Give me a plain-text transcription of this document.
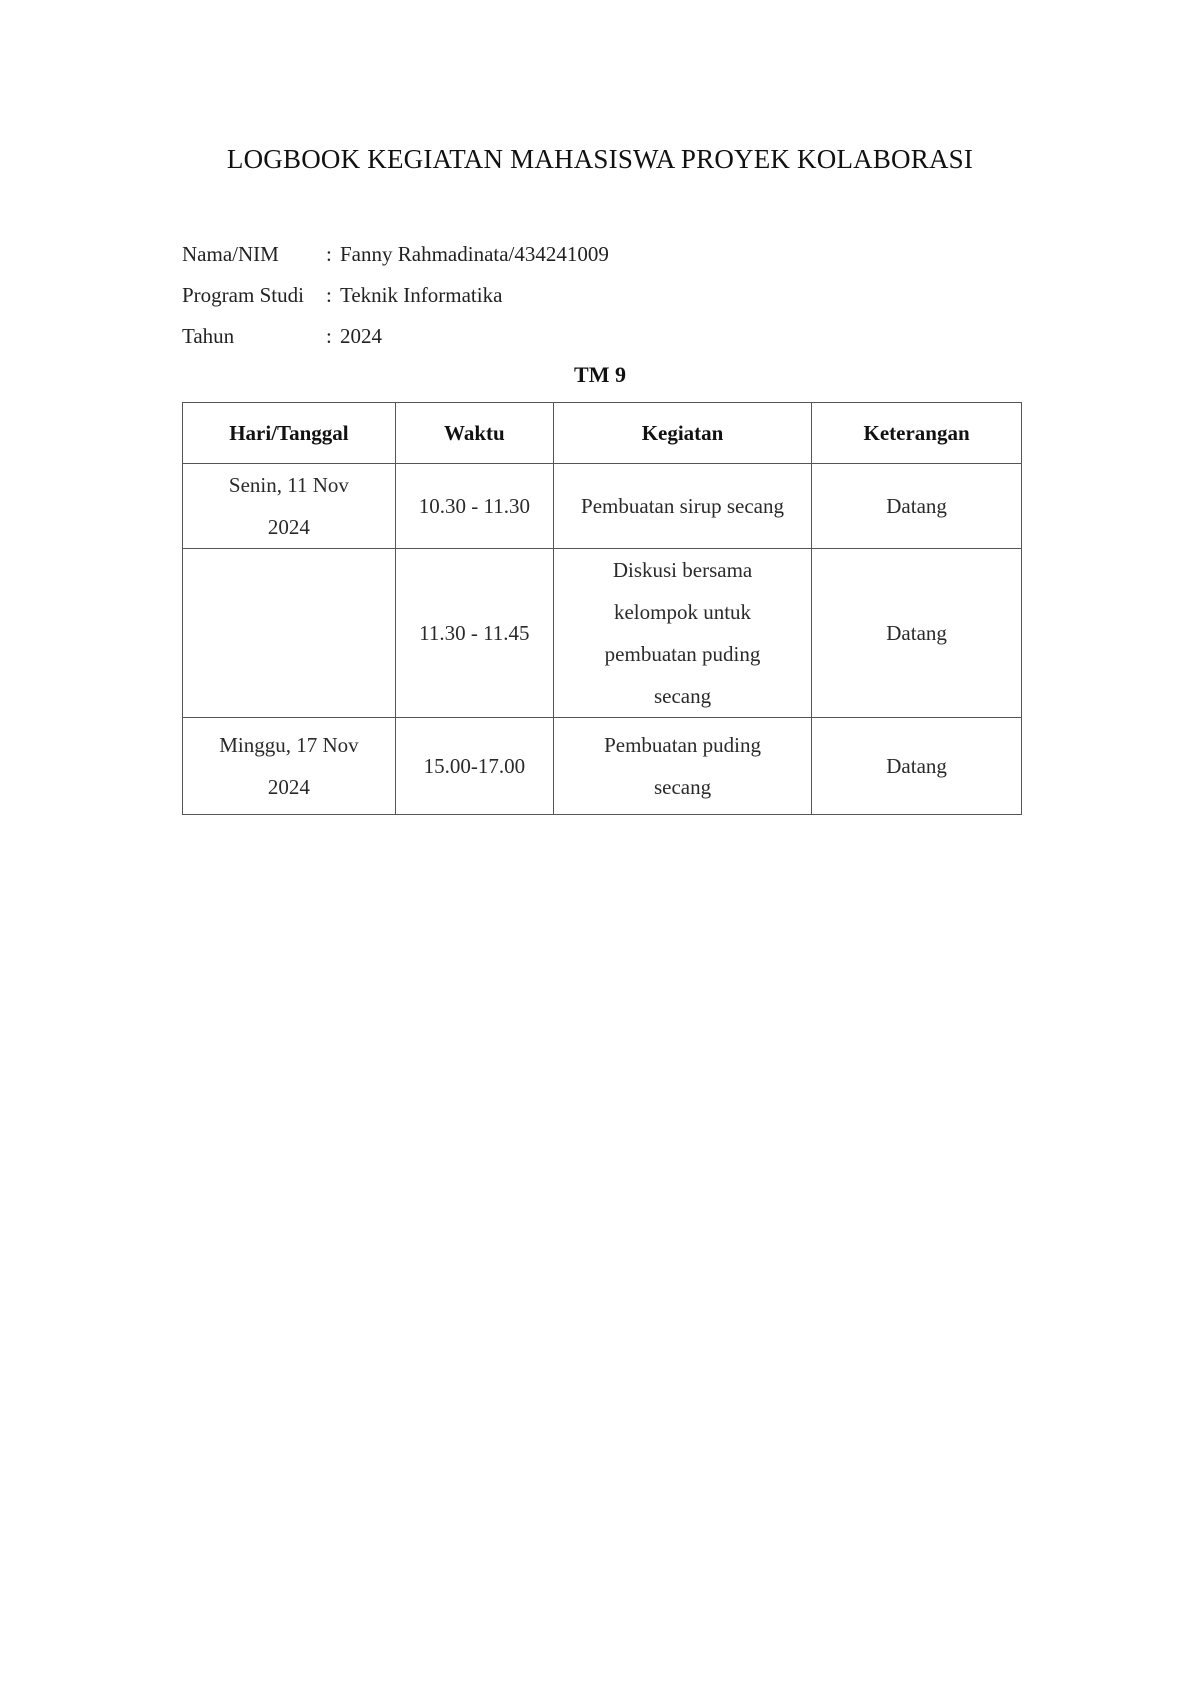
LOGBOOK KEGIATAN MAHASISWA PROYEK KOLABORASI
Nama/NIM	: Fanny Rahmadinata/434241009
Program Studi	: Teknik Informatika
Tahun	: 2024
TM 9
Hari/Tanggal	Waktu	Kegiatan	Keterangan
Senin, 11 Nov
2024	10.30 - 11.30	Pembuatan sirup secang	Datang
	11.30 - 11.45	Diskusi bersama kelompok untuk pembuatan puding secang	Datang
Minggu, 17 Nov
2024	15.00-17.00	Pembuatan puding secang	Datang
